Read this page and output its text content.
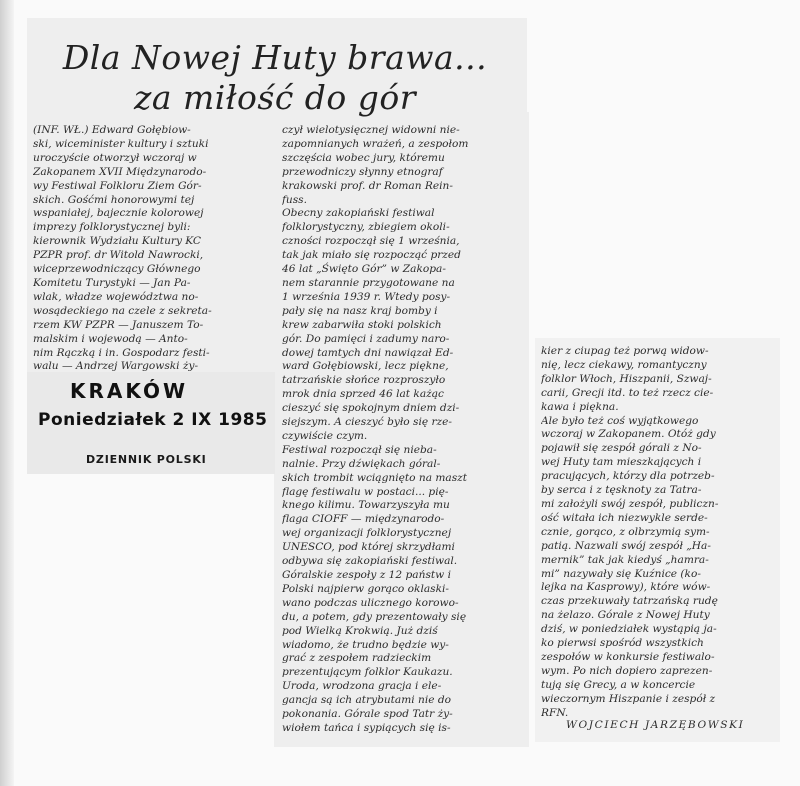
Dla Nowej Huty brawa...
za miłość do gór
(INF. WŁ.) Edward Gołębiow-
ski, wiceminister kultury i sztuki
uroczyście otworzył wczoraj w
Zakopanem XVII Międzynarodo-
wy Festiwal Folkloru Ziem Gór-
skich. Gośćmi honorowymi tej
wspaniałej, bajecznie kolorowej
imprezy folklorystycznej byli:
kierownik Wydziału Kultury KC
PZPR prof. dr Witold Nawrocki,
wiceprzewodniczący Głównego
Komitetu Turystyki — Jan Pa-
wlak, władze województwa no-
wosądeckiego na czele z sekreta-
rzem KW PZPR — Januszem To-
malskim i wojewodą — Anto-
nim Rączką i in. Gospodarz festi-
walu — Andrzej Wargowski ży-
czył wielotysięcznej widowni nie-
zapomnianych wrażeń, a zespołom
szczęścia wobec jury, któremu
przewodniczy słynny etnograf
krakowski prof. dr Roman Rein-
fuss.
Obecny zakopiański festiwal
folklorystyczny, zbiegiem okoli-
czności rozpoczął się 1 września,
tak jak miało się rozpocząć przed
46 lat „Święto Gór” w Zakopa-
nem starannie przygotowane na
1 września 1939 r. Wtedy posy-
pały się na nasz kraj bomby i
krew zabarwiła stoki polskich
gór. Do pamięci i zadumy naro-
dowej tamtych dni nawiązał Ed-
ward Gołębiowski, lecz piękne,
tatrzańskie słońce rozproszyło
mrok dnia sprzed 46 lat każąc
cieszyć się spokojnym dniem dzi-
siejszym. A cieszyć było się rze-
czywiście czym.
Festiwal rozpoczął się nieba-
nalnie. Przy dźwiękach góral-
skich trombit wciągnięto na maszt
flagę festiwalu w postaci... pię-
knego kilimu. Towarzyszyła mu
flaga CIOFF — międzynarodo-
wej organizacji folklorystycznej
UNESCO, pod której skrzydłami
odbywa się zakopiański festiwal.
Góralskie zespoły z 12 państw i
Polski najpierw gorąco oklaski-
wano podczas ulicznego korowo-
du, a potem, gdy prezentowały się
pod Wielką Krokwią. Już dziś
wiadomo, że trudno będzie wy-
grać z zespołem radzieckim
prezentującym folklor Kaukazu.
Uroda, wrodzona gracja i ele-
gancja są ich atrybutami nie do
pokonania. Górale spod Tatr ży-
wiołem tańca i sypiących się is-
kier z ciupag też porwą widow-
nię, lecz ciekawy, romantyczny
folklor Włoch, Hiszpanii, Szwaj-
carii, Grecji itd. to też rzecz cie-
kawa i piękna.
Ale było też coś wyjątkowego
wczoraj w Zakopanem. Otóż gdy
pojawił się zespół górali z No-
wej Huty tam mieszkających i
pracujących, którzy dla potrzeb-
by serca i z tęsknoty za Tatra-
mi założyli swój zespół, publiczn-
ość witała ich niezwykle serde-
cznie, gorąco, z olbrzymią sym-
patią. Nazwali swój zespół „Ha-
mernik” tak jak kiedyś „hamra-
mi” nazywały się Kuźnice (ko-
lejka na Kasprowy), które wów-
czas przekuwały tatrzańską rudę
na żelazo. Górale z Nowej Huty
dziś, w poniedziałek wystąpią ja-
ko pierwsi spośród wszystkich
zespołów w konkursie festiwalo-
wym. Po nich dopiero zaprezen-
tują się Grecy, a w koncercie
wieczornym Hiszpanie i zespół z
RFN.
KRAKÓW
Poniedziałek 2 IX 1985
DZIENNIK POLSKI
WOJCIECH JARZĘBOWSKI
